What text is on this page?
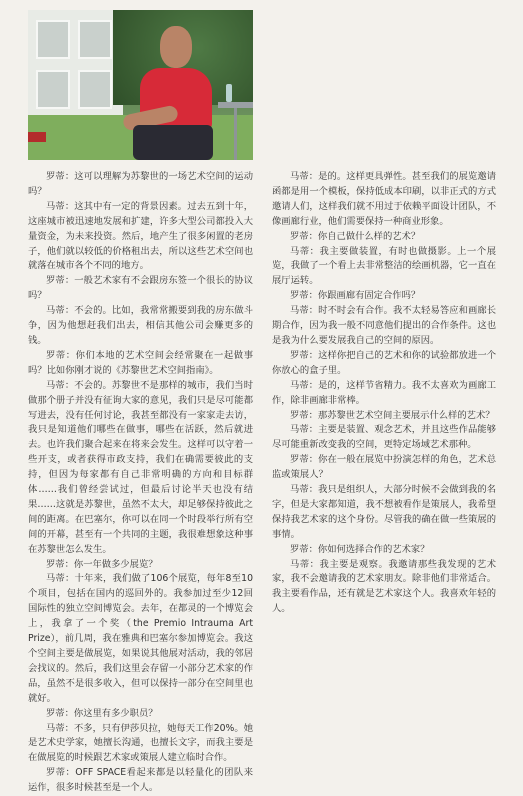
罗蒂：这可以理解为苏黎世的一场艺术空间的运动吗？

马蒂：这其中有一定的背景因素。过去五到十年，这座城市被迅速地发展和扩建，许多大型公司都投入大量资金，为未来投资。然后，地产生了很多闲置的老房子，他们就以较低的价格租出去，所以这些艺术空间也就落在城市各个不同的地方。

罗蒂：一般艺术家有不会跟房东签一个很长的协议吗？

马蒂：不会的。比如，我常常搬要到我的房东做斗争，因为他想赶我们出去，相信其他公司会赚更多的钱。

罗蒂：你们本地的艺术空间会经常聚在一起做事吗？比如你刚才说的《苏黎世艺术空间指南》。

马蒂：不会的。苏黎世不是那样的城市，我们当时做那个册子并没有征询大家的意见，我们只是尽可能都写进去，没有任何讨论，我甚至都没有一家家走去访，我只是知道他们哪些在做事，哪些在活跃，然后就进去。也许我们聚合起来在将来会发生。这样可以守着一些开支，或者获得市政支持，我们在确需要彼此的支持，但因为每家都有自己非常明确的方向和目标群体……我们曾经尝试过，但最后讨论半天也没有结果……这就是苏黎世，虽然不太大，却足够保持彼此之间的距离。在巴塞尔，你可以在同一个时段举行所有空间的开幕，甚至有一个共同的主题，我很难想象这种事在苏黎世怎么发生。

罗蒂：你一年做多少展览？

马蒂：十年来，我们做了106个展览，每年8至10个项目，包括在国内的巡回外的。我参加过至少12回国际性的独立空间博览会。去年，在都灵的一个博览会上，我拿了一个奖（the Premio Intrauma Art Prize），前几周，我在雅典和巴塞尔参加博览会。我这个空间主要是做展览，如果说其他展对活动，我的邻居会找议的。然后，我们这里会存留一小部分艺术家的作品，虽然不是很多收入，但可以保持一部分在空间里也就好。

罗蒂：你这里有多少职员？

马蒂：不多，只有伊莎贝拉，她每天工作20%。她是艺术史学家，她擅长沟通，也擅长文字，而我主要是在做展览的时候跟艺术家或策展人建立临时合作。

罗蒂：OFF SPACE看起来都是以轻量化的团队来运作，很多时候甚至是一个人。

马蒂：是的。这样更具弹性。甚至我们的展览邀请函都是用一个模板，保持低成本印刷，以非正式的方式邀请人们，这样我们就不用过于依赖平面设计团队，不像画廊行业，他们需要保持一种商业形象。

罗蒂：你自己做什么样的艺术？

马蒂：我主要做装置，有时也做摄影。上一个展览，我做了一个看上去非常整洁的绘画机器，它一直在展厅运转。

罗蒂：你跟画廊有固定合作吗？

马蒂：时不时会有合作。我不太轻易答应和画廊长期合作，因为我一般不同意他们提出的合作条件。这也是我为什么要发展我自己的空间的原因。

罗蒂：这样你把自己的艺术和你的试验都放进一个你放心的盒子里。

马蒂：是的，这样节省精力。我不太喜欢为画廊工作，除非画廊非常棒。

罗蒂：那苏黎世艺术空间主要展示什么样的艺术？

马蒂：主要是装置、观念艺术，并且这些作品能够尽可能重新改变我的空间，更特定场域艺术那种。

罗蒂：你在一般在展览中扮演怎样的角色，艺术总监或策展人？

马蒂：我只是组织人，大部分时候不会做到我的名字，但是大家都知道，我不想被看作是策展人，我希望保持我艺术家的这个身份。尽管我的确在做一些策展的事情。

罗蒂：你如何选择合作的艺术家？

马蒂：我主要是观察。我邀请那些我发现的艺术家，我不会邀请我的艺术家朋友。除非他们非常适合。我主要看作品，还有就是艺术家这个人。我喜欢年轻的人。
